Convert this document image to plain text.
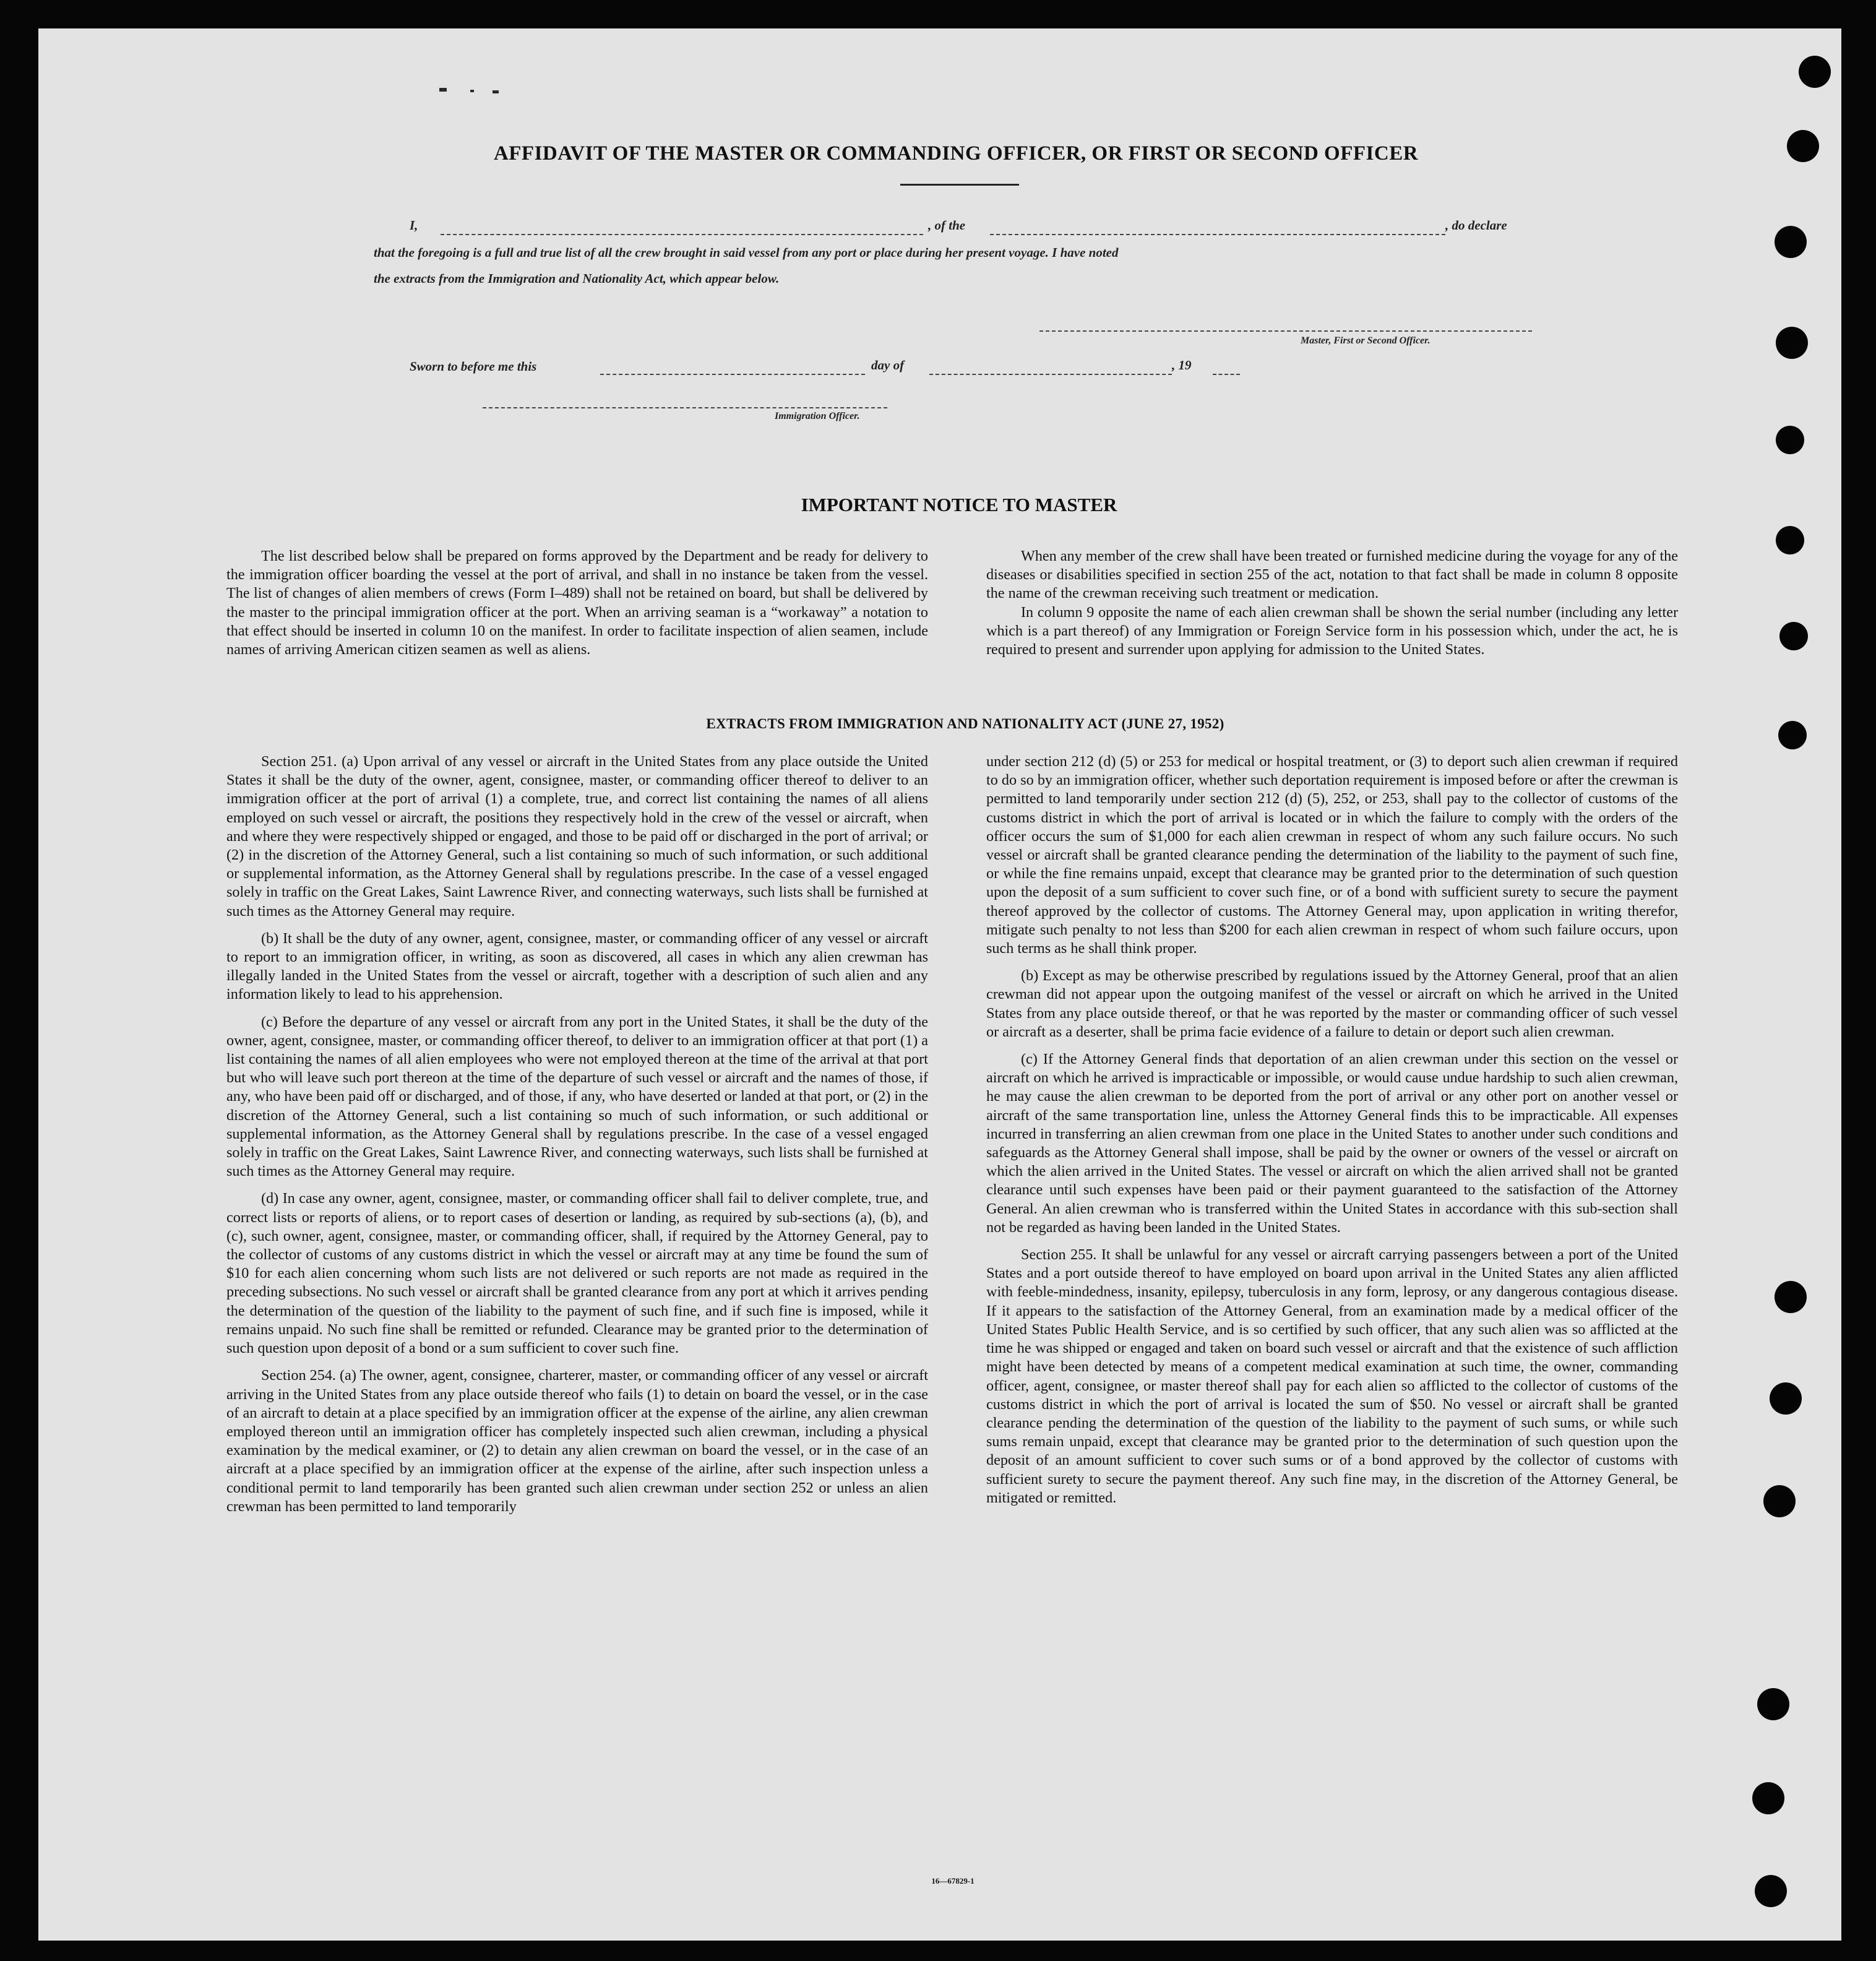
AFFIDAVIT OF THE MASTER OR COMMANDING OFFICER, OR FIRST OR SECOND OFFICER
I,	, of the	, do declare
that the foregoing is a full and true list of all the crew brought in said vessel from any port or place during her present voyage. I have noted
the extracts from the Immigration and Nationality Act, which appear below.
Master, First or Second Officer.
Sworn to before me this	day of	, 19
Immigration Officer.
IMPORTANT NOTICE TO MASTER

The list described below shall be prepared on forms approved by the Department and be ready for delivery to the immigration officer boarding the vessel at the port of arrival, and shall in no instance be taken from the vessel. The list of changes of alien members of crews (Form I–489) shall not be retained on board, but shall be delivered by the master to the principal immigration officer at the port. When an arriving seaman is a “workaway” a notation to that effect should be inserted in column 10 on the manifest. In order to facilitate inspection of alien seamen, include names of arriving American citizen seamen as well as aliens.

When any member of the crew shall have been treated or furnished medicine during the voyage for any of the diseases or disabilities specified in section 255 of the act, notation to that fact shall be made in column 8 opposite the name of the crewman receiving such treatment or medication.

In column 9 opposite the name of each alien crewman shall be shown the serial number (including any letter which is a part thereof) of any Immigration or Foreign Service form in his possession which, under the act, he is required to present and surrender upon applying for admission to the United States.

EXTRACTS FROM IMMIGRATION AND NATIONALITY ACT (JUNE 27, 1952)

Section 251. (a) Upon arrival of any vessel or aircraft in the United States from any place outside the United States it shall be the duty of the owner, agent, consignee, master, or commanding officer thereof to deliver to an immigration officer at the port of arrival (1) a complete, true, and correct list containing the names of all aliens employed on such vessel or aircraft, the positions they respectively hold in the crew of the vessel or aircraft, when and where they were respectively shipped or engaged, and those to be paid off or discharged in the port of arrival; or (2) in the discretion of the Attorney General, such a list containing so much of such information, or such additional or supplemental information, as the Attorney General shall by regulations prescribe. In the case of a vessel engaged solely in traffic on the Great Lakes, Saint Lawrence River, and connecting waterways, such lists shall be furnished at such times as the Attorney General may require.

(b) It shall be the duty of any owner, agent, consignee, master, or commanding officer of any vessel or aircraft to report to an immigration officer, in writing, as soon as discovered, all cases in which any alien crewman has illegally landed in the United States from the vessel or aircraft, together with a description of such alien and any information likely to lead to his apprehension.

(c) Before the departure of any vessel or aircraft from any port in the United States, it shall be the duty of the owner, agent, consignee, master, or commanding officer thereof, to deliver to an immigration officer at that port (1) a list containing the names of all alien employees who were not employed thereon at the time of the arrival at that port but who will leave such port thereon at the time of the departure of such vessel or aircraft and the names of those, if any, who have been paid off or discharged, and of those, if any, who have deserted or landed at that port, or (2) in the discretion of the Attorney General, such a list containing so much of such information, or such additional or supplemental information, as the Attorney General shall by regulations prescribe. In the case of a vessel engaged solely in traffic on the Great Lakes, Saint Lawrence River, and connecting waterways, such lists shall be furnished at such times as the Attorney General may require.

(d) In case any owner, agent, consignee, master, or commanding officer shall fail to deliver complete, true, and correct lists or reports of aliens, or to report cases of desertion or landing, as required by sub-sections (a), (b), and (c), such owner, agent, consignee, master, or commanding officer, shall, if required by the Attorney General, pay to the collector of customs of any customs district in which the vessel or aircraft may at any time be found the sum of $10 for each alien concerning whom such lists are not delivered or such reports are not made as required in the preceding subsections. No such vessel or aircraft shall be granted clearance from any port at which it arrives pending the determination of the question of the liability to the payment of such fine, and if such fine is imposed, while it remains unpaid. No such fine shall be remitted or refunded. Clearance may be granted prior to the determination of such question upon deposit of a bond or a sum sufficient to cover such fine.

Section 254. (a) The owner, agent, consignee, charterer, master, or commanding officer of any vessel or aircraft arriving in the United States from any place outside thereof who fails (1) to detain on board the vessel, or in the case of an aircraft to detain at a place specified by an immigration officer at the expense of the airline, any alien crewman employed thereon until an immigration officer has completely inspected such alien crewman, including a physical examination by the medical examiner, or (2) to detain any alien crewman on board the vessel, or in the case of an aircraft at a place specified by an immigration officer at the expense of the airline, after such inspection unless a conditional permit to land temporarily has been granted such alien crewman under section 252 or unless an alien crewman has been permitted to land temporarily

under section 212 (d) (5) or 253 for medical or hospital treatment, or (3) to deport such alien crewman if required to do so by an immigration officer, whether such deportation requirement is imposed before or after the crewman is permitted to land temporarily under section 212 (d) (5), 252, or 253, shall pay to the collector of customs of the customs district in which the port of arrival is located or in which the failure to comply with the orders of the officer occurs the sum of $1,000 for each alien crewman in respect of whom any such failure occurs. No such vessel or aircraft shall be granted clearance pending the determination of the liability to the payment of such fine, or while the fine remains unpaid, except that clearance may be granted prior to the determination of such question upon the deposit of a sum sufficient to cover such fine, or of a bond with sufficient surety to secure the payment thereof approved by the collector of customs. The Attorney General may, upon application in writing therefor, mitigate such penalty to not less than $200 for each alien crewman in respect of whom such failure occurs, upon such terms as he shall think proper.

(b) Except as may be otherwise prescribed by regulations issued by the Attorney General, proof that an alien crewman did not appear upon the outgoing manifest of the vessel or aircraft on which he arrived in the United States from any place outside thereof, or that he was reported by the master or commanding officer of such vessel or aircraft as a deserter, shall be prima facie evidence of a failure to detain or deport such alien crewman.

(c) If the Attorney General finds that deportation of an alien crewman under this section on the vessel or aircraft on which he arrived is impracticable or impossible, or would cause undue hardship to such alien crewman, he may cause the alien crewman to be deported from the port of arrival or any other port on another vessel or aircraft of the same transportation line, unless the Attorney General finds this to be impracticable. All expenses incurred in transferring an alien crewman from one place in the United States to another under such conditions and safeguards as the Attorney General shall impose, shall be paid by the owner or owners of the vessel or aircraft on which the alien arrived in the United States. The vessel or aircraft on which the alien arrived shall not be granted clearance until such expenses have been paid or their payment guaranteed to the satisfaction of the Attorney General. An alien crewman who is transferred within the United States in accordance with this sub-section shall not be regarded as having been landed in the United States.

Section 255. It shall be unlawful for any vessel or aircraft carrying passengers between a port of the United States and a port outside thereof to have employed on board upon arrival in the United States any alien afflicted with feeble-mindedness, insanity, epilepsy, tuberculosis in any form, leprosy, or any dangerous contagious disease. If it appears to the satisfaction of the Attorney General, from an examination made by a medical officer of the United States Public Health Service, and is so certified by such officer, that any such alien was so afflicted at the time he was shipped or engaged and taken on board such vessel or aircraft and that the existence of such affliction might have been detected by means of a competent medical examination at such time, the owner, commanding officer, agent, consignee, or master thereof shall pay for each alien so afflicted to the collector of customs of the customs district in which the port of arrival is located the sum of $50. No vessel or aircraft shall be granted clearance pending the determination of the question of the liability to the payment of such sums, or while such sums remain unpaid, except that clearance may be granted prior to the determination of such question upon the deposit of an amount sufficient to cover such sums or of a bond approved by the collector of customs with sufficient surety to secure the payment thereof. Any such fine may, in the discretion of the Attorney General, be mitigated or remitted.

16—67829-1
